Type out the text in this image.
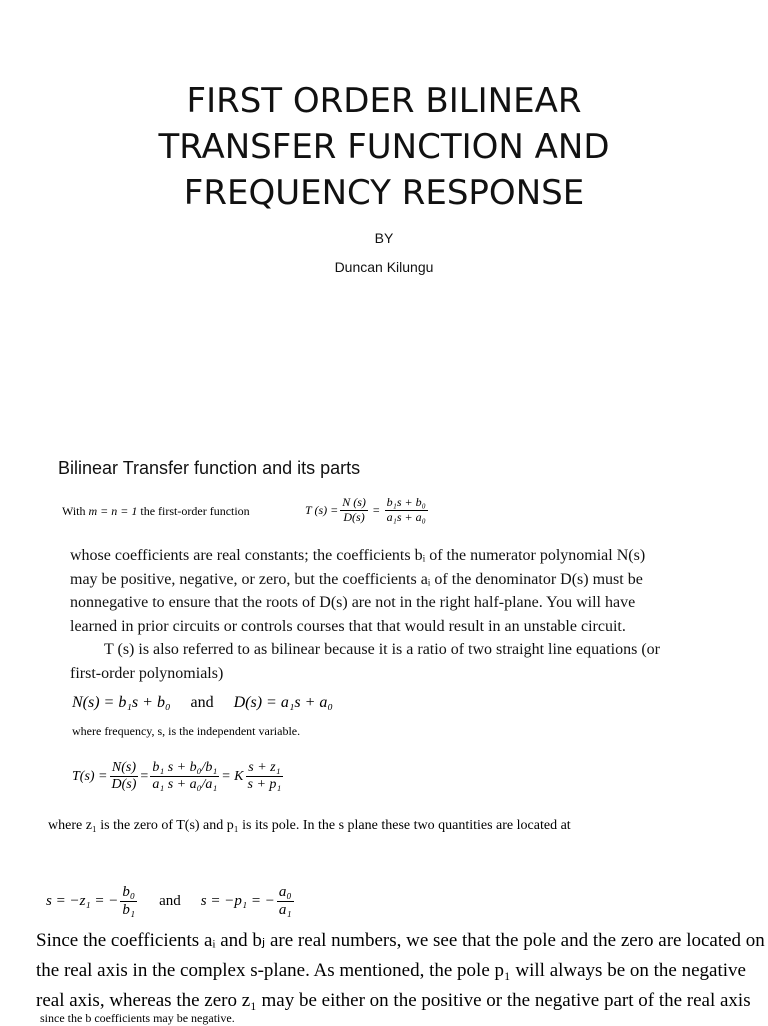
FIRST ORDER BILINEAR
TRANSFER FUNCTION AND
FREQUENCY RESPONSE
BY
Duncan Kilungu
Bilinear Transfer function and its parts
With m = n = 1 the first-order function	T $(s) = \frac{N (s)}{D(s)} = \frac{\text{b₁s + b₀}}{\text{a₁s + a₀}}$
whose coefficients are real constants; the coefficients bᵢ of the numerator polynomial N(s)
may be positive, negative, or zero, but the coefficients aᵢ of the denominator D(s) must be
nonnegative to ensure that the roots of D(s) are not in the right half-plane. You will have
learned in prior circuits or controls courses that that would result in an unstable circuit.
T (s) is also referred to as bilinear because it is a ratio of two straight line equations (or
first-order polynomials)
N(s) = b₁s + b₀ and D(s) = a₁s + a₀
where frequency, s, is the independent variable.
$T(s) = \frac{N(s)}{D(s)} = \frac{\text{b₁ s + b₀/b₁}}{\text{a₁ s + a₀/a₁}} = K \frac{\text{s + z₁}}{\text{s + p₁}}$
where z₁ is the zero of T(s) and p₁ is its pole. In the s plane these two quantities are located at
s = −z₁ = − $\frac{\text{b₀}}{\text{b₁}}$ and s = −p₁ = − $\frac{\text{a₀}}{\text{a₁}}$
Since the coefficients aᵢ and bⱼ are real numbers, we see that the pole and the zero are located on
the real axis in the complex s-plane. As mentioned, the pole p₁ will always be on the negative
real axis, whereas the zero z₁ may be either on the positive or the negative part of the real axis
since the b coefficients may be negative.
